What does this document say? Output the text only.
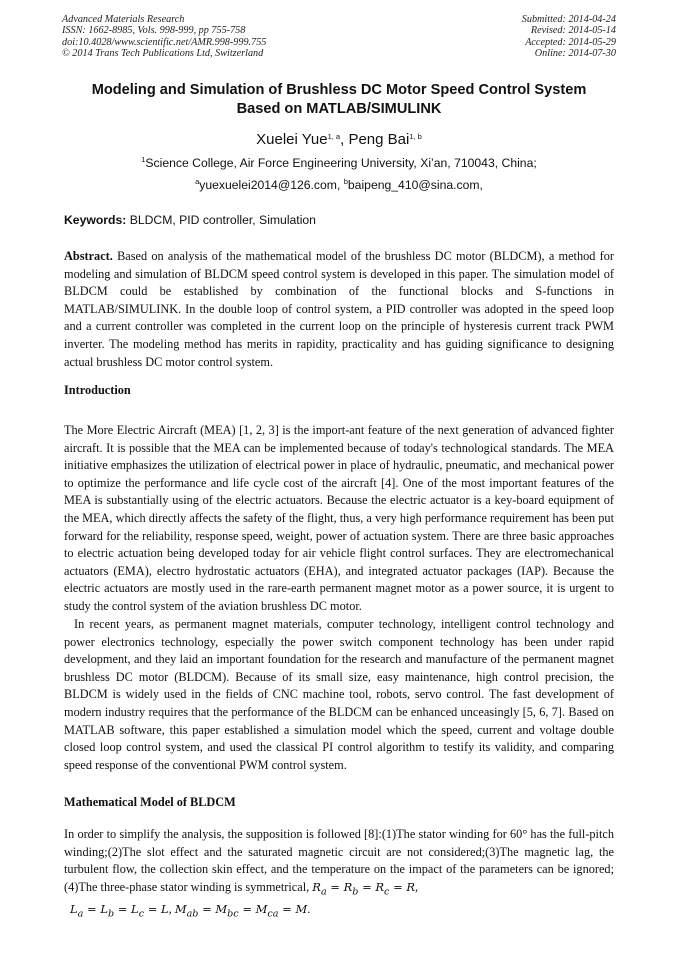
Advanced Materials Research
ISSN: 1662-8985, Vols. 998-999, pp 755-758
doi:10.4028/www.scientific.net/AMR.998-999.755
© 2014 Trans Tech Publications Ltd, Switzerland
Submitted: 2014-04-24
Revised: 2014-05-14
Accepted: 2014-05-29
Online: 2014-07-30
Modeling and Simulation of Brushless DC Motor Speed Control System
Based on MATLAB/SIMULINK
Xuelei Yue$^{1, a}$, Peng Bai$^{1, b}$
$^1$Science College, Air Force Engineering University, Xi’an, 710043, China;
$^a$yuexuelei2014@126.com, $^b$baipeng_410@sina.com,
Keywords: BLDCM, PID controller, Simulation
Abstract. Based on analysis of the mathematical model of the brushless DC motor (BLDCM), a method for modeling and simulation of BLDCM speed control system is developed in this paper. The simulation model of BLDCM could be established by combination of the functional blocks and S-functions in MATLAB/SIMULINK. In the double loop of control system, a PID controller was adopted in the speed loop and a current controller was completed in the current loop on the principle of hysteresis current track PWM inverter. The modeling method has merits in rapidity, practicality and has guiding significance to designing actual brushless DC motor control system.
Introduction
The More Electric Aircraft (MEA) [1, 2, 3] is the import-ant feature of the next generation of advanced fighter aircraft. It is possible that the MEA can be implemented because of today's technological standards. The MEA initiative emphasizes the utilization of electrical power in place of hydraulic, pneumatic, and mechanical power to optimize the performance and life cycle cost of the aircraft [4]. One of the most important features of the MEA is substantially using of the electric actuators. Because the electric actuator is a key-board equipment of the MEA, which directly affects the safety of the flight, thus, a very high performance requirement has been put forward for the reliability, response speed, weight, power of actuation system. There are three basic approaches to electric actuation being developed today for air vehicle flight control surfaces. They are electromechanical actuators (EMA), electro hydrostatic actuators (EHA), and integrated actuator packages (IAP). Because the electric actuators are mostly used in the rare-earth permanent magnet motor as a power source, it is urgent to study the control system of the aviation brushless DC motor.
In recent years, as permanent magnet materials, computer technology, intelligent control technology and power electronics technology, especially the power switch component technology has been under rapid development, and they laid an important foundation for the research and manufacture of the permanent magnet brushless DC motor (BLDCM). Because of its small size, easy maintenance, high control precision, the BLDCM is widely used in the fields of CNC machine tool, robots, servo control. The fast development of modern industry requires that the performance of the BLDCM can be enhanced unceasingly [5, 6, 7]. Based on MATLAB software, this paper established a simulation model which the speed, current and voltage double closed loop control system, and used the classical PI control algorithm to testify its validity, and comparing speed response of the conventional PWM control system.
Mathematical Model of BLDCM
In order to simplify the analysis, the supposition is followed [8]:(1)The stator winding for 60° has the full-pitch winding;(2)The slot effect and the saturated magnetic circuit are not considered;(3)The magnetic lag, the turbulent flow, the collection skin effect, and the temperature on the impact of the parameters can be ignored;(4)The three-phase stator winding is symmetrical, $R_a = R_b = R_c = R$,
$L_a = L_b = L_c = L$, $M_{ab} = M_{bc} = M_{ca} = M$.
